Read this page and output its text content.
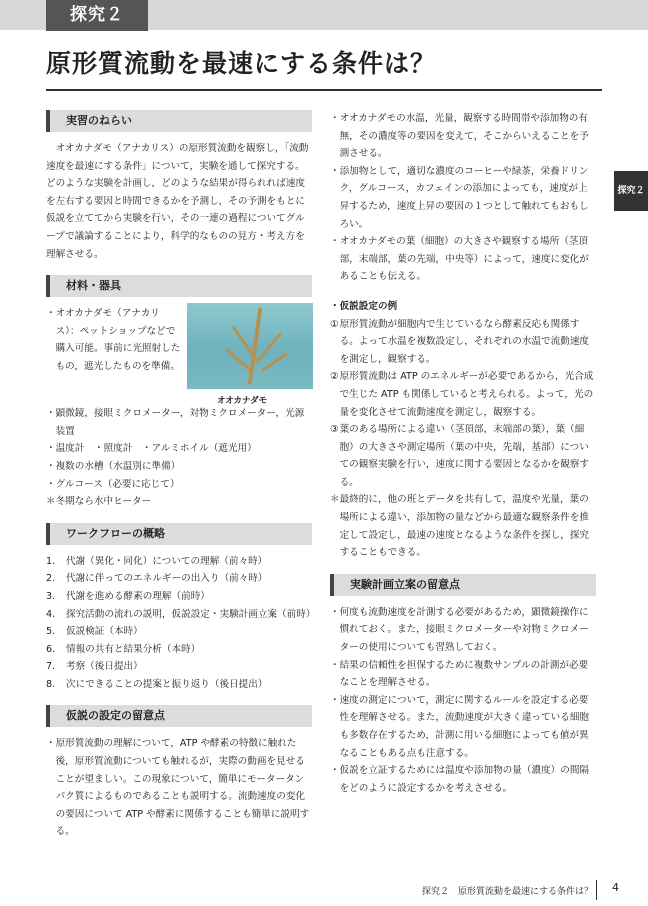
探究２
原形質流動を最速にする条件は？
探究２
実習のねらい

オオカナダモ（アナカリス）の原形質流動を観察し，「流動速度を最速にする条件」について，実験を通して探究する。どのような実験を計画し，どのような結果が得られれば速度を左右する要因と時間できるかを予測し，その予測をもとに仮説を立ててから実験を行い，その一連の過程についてグループで議論することにより，科学的なものの見方・考え方を理解させる。

材料・器具
・ オオカナダモ（アナカリス）：ペットショップなどで購入可能。事前に光照射したもの，遮光したものを準備。
オオカナダモ
・ 顕微鏡，接眼ミクロメーター，対物ミクロメーター，光源装置
・ 温度計　・照度計　・アルミホイル（遮光用）
・ 複数の水槽（水温別に準備）
・ グルコース（必要に応じて）

＊冬期なら水中ヒーター

ワークフローの概略
1. 代謝（異化・同化）についての理解（前々時）
2. 代謝に伴ってのエネルギーの出入り（前々時）
3. 代謝を進める酵素の理解（前時）
4. 探究活動の流れの説明，仮説設定・実験計画立案（前時）
5. 仮説検証（本時）
6. 情報の共有と結果分析（本時）
7. 考察（後日提出）
8. 次にできることの提案と振り返り（後日提出）
仮説の設定の留意点
・ 原形質流動の理解について，ATP や酵素の特徴に触れた後，原形質流動についても触れるが，実際の動画を見せることが望ましい。この現象について，簡単にモータータンパク質によるものであることも説明する。流動速度の変化の要因について ATP や酵素に関係することも簡単に説明する。
・ オオカナダモの水温，光量，観察する時間帯や添加物の有無，その濃度等の要因を変えて，そこからいえることを予測させる。
・ 添加物として，適切な濃度のコーヒーや緑茶，栄養ドリンク，グルコース，カフェインの添加によっても，速度が上昇するため，速度上昇の要因の１つとして触れてもおもしろい。
・ オオカナダモの葉（細胞）の大きさや観察する場所（茎頂部，末端部，葉の先端，中央等）によって，速度に変化があることも伝える。

・仮説設定の例

① 原形質流動が細胞内で生じているなら酵素反応も関係する。よって水温を複数設定し，それぞれの水温で流動速度を測定し，観察する。
② 原形質流動は ATP のエネルギーが必要であるから，光合成で生じた ATP も関係していると考えられる。よって，光の量を変化させて流動速度を測定し，観察する。
③ 葉のある場所による違い（茎頂部，末端部の葉），葉（細胞）の大きさや測定場所（葉の中央，先端，基部）についての観察実験を行い，速度に関する要因となるかを観察する。
＊ 最終的に，他の班とデータを共有して，温度や光量，葉の場所による違い，添加物の量などから最適な観察条件を推定して設定し，最速の速度となるような条件を探し，探究することもできる。
実験計画立案の留意点
・ 何度も流動速度を計測する必要があるため，顕微鏡操作に慣れておく。また，接眼ミクロメーターや対物ミクロメーターの使用についても習熟しておく。
・ 結果の信頼性を担保するために複数サンプルの計測が必要なことを理解させる。
・ 速度の測定について，測定に関するルールを設定する必要性を理解させる。また，流動速度が大きく違っている細胞も多数存在するため，計測に用いる細胞によっても値が異なることもある点も注意する。
・ 仮説を立証するためには温度や添加物の量（濃度）の間隔をどのように設定するかを考えさせる。
探究２　原形質流動を最速にする条件は？ 4
